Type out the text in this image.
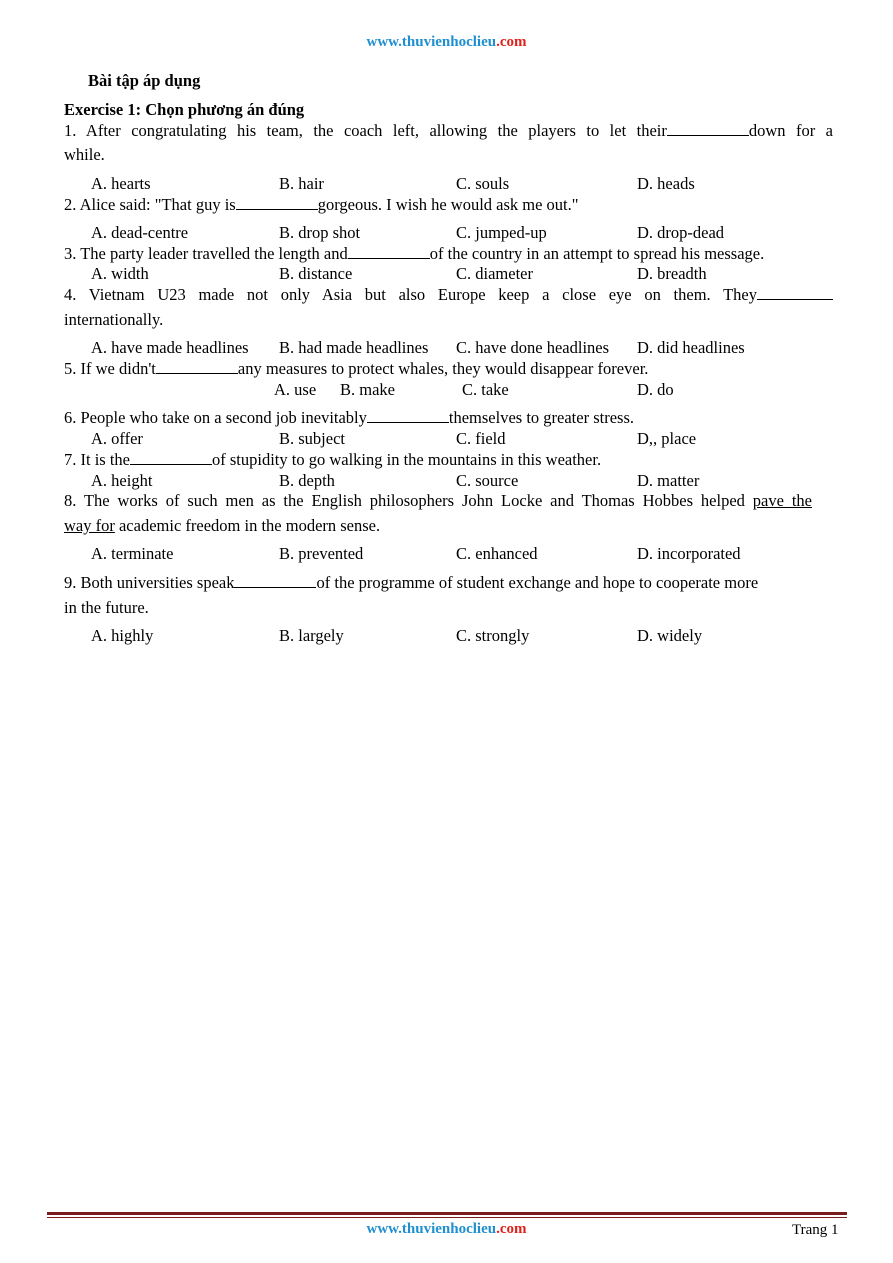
www.thuvienhoclieu.com
Bài tập áp dụng
Exercise 1: Chọn phương án đúng
1. After congratulating his team, the coach left, allowing the players to let their	down for a
while.
A. hearts	B. hair	C. souls	D. heads
2. Alice said: "That guy is	gorgeous. I wish he would ask me out."
A. dead-centre	B. drop shot	C. jumped-up	D. drop-dead
3. The party leader travelled the length and	of the country in an attempt to spread his message.
A. width	B. distance	C. diameter	D. breadth
4. Vietnam U23 made not only Asia but also Europe keep a close eye on them. They
internationally.
A. have made headlines B. had made headlines C. have done headlines D. did headlines
5. If we didn't	any measures to protect whales, they would disappear forever.
A. use B. make	C. take	D. do
6. People who take on a second job inevitably	themselves to greater stress.
A. offer	B. subject	C. field	D,, place
7. It is the	of stupidity to go walking in the mountains in this weather.
A. height	B. depth	C. source	D. matter
8. The works of such men as the English philosophers John Locke and Thomas Hobbes helped pave the
way for academic freedom in the modern sense.
A. terminate	B. prevented	C. enhanced	D. incorporated
9. Both universities speak	of the programme of student exchange and hope to cooperate more
in the future.
A. highly	B. largely	C. strongly	D. widely
www.thuvienhoclieu.com	Trang 1
